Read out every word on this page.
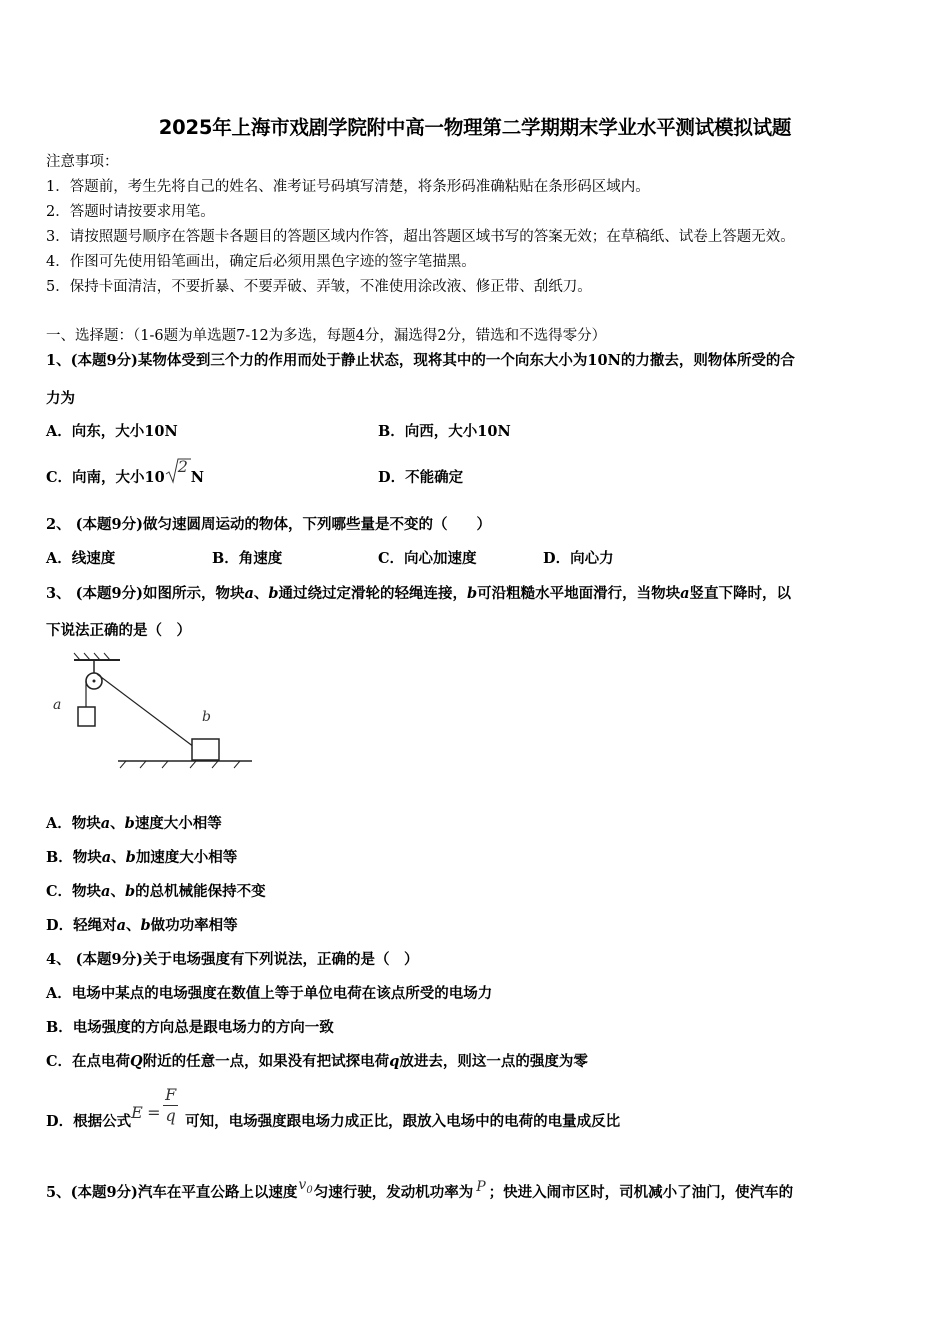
2025年上海市戏剧学院附中高一物理第二学期期末学业水平测试模拟试题
注意事项：
1．答题前，考生先将自己的姓名、准考证号码填写清楚，将条形码准确粘贴在条形码区域内。
2．答题时请按要求用笔。
3．请按照题号顺序在答题卡各题目的答题区域内作答，超出答题区域书写的答案无效；在草稿纸、试卷上答题无效。
4．作图可先使用铅笔画出，确定后必须用黑色字迹的签字笔描黑。
5．保持卡面清洁，不要折暴、不要弄破、弄皱，不准使用涂改液、修正带、刮纸刀。
一、选择题：（1-6题为单选题7-12为多选，每题4分，漏选得2分，错选和不选得零分）
1、(本题9分)某物体受到三个力的作用而处于静止状态，现将其中的一个向东大小为10N的力撤去，则物体所受的合
力为
A．向东，大小10N	B．向西，大小10N
C．向南，大小10
2
N	D．不能确定
2、 (本题9分)做匀速圆周运动的物体，下列哪些量是不变的（　　）
A．线速度	B．角速度	C．向心加速度	D．向心力
3、 (本题9分)如图所示，物块a、b通过绕过定滑轮的轻绳连接，b可沿粗糙水平地面滑行，当物块a竖直下降时，以
下说法正确的是（　）
a
b
A．物块a、b速度大小相等
B．物块a、b加速度大小相等
C．物块a、b的总机械能保持不变
D．轻绳对a、b做功功率相等
4、 (本题9分)关于电场强度有下列说法，正确的是（　）
A．电场中某点的电场强度在数值上等于单位电荷在该点所受的电场力
B．电场强度的方向总是跟电场力的方向一致
C．在点电荷Q附近的任意一点，如果没有把试探电荷q放进去，则这一点的强度为零
D．根据公式 $E = \frac{F}{q}$ 可知，电场强度跟电场力成正比，跟放入电场中的电荷的电量成反比
5、(本题9分)汽车在平直公路上以速度$v_0$匀速行驶，发动机功率为 P ；快进入闹市区时，司机减小了油门，使汽车的
